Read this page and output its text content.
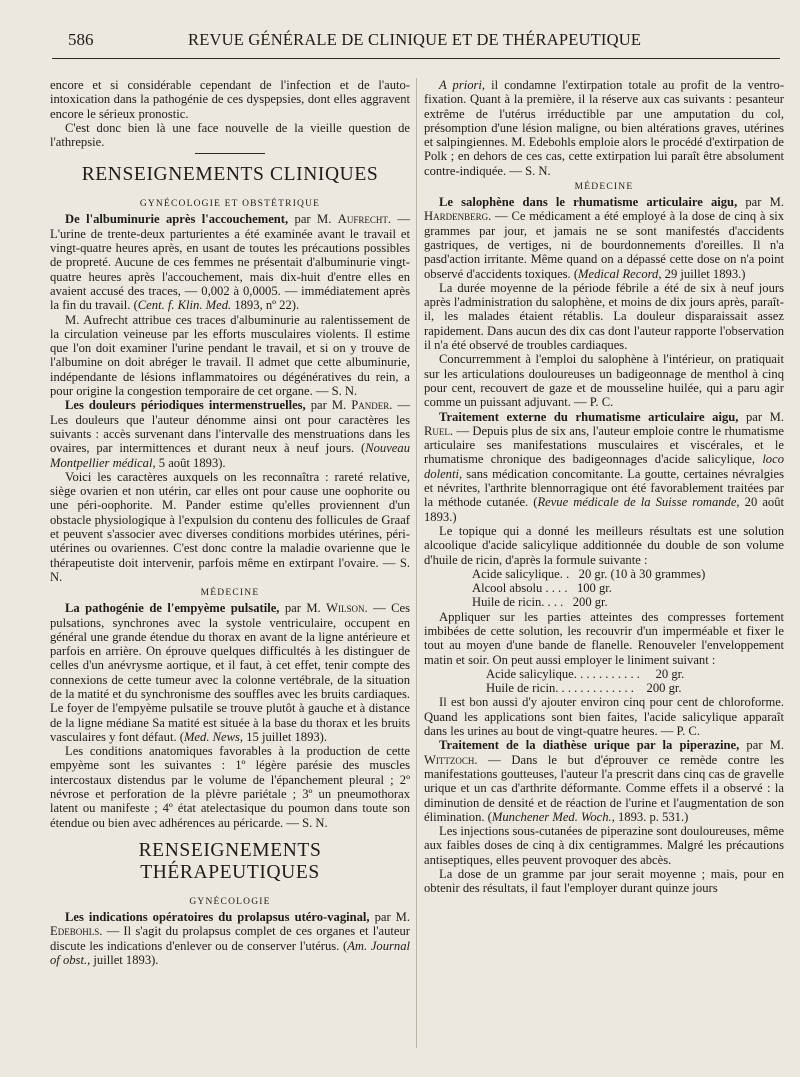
586	REVUE GÉNÉRALE DE CLINIQUE ET DE THÉRAPEUTIQUE

encore et si considérable cependant de l'infection et de l'auto-intoxication dans la pathogénie de ces dyspepsies, dont elles aggravent encore le sérieux pronostic.

C'est donc bien là une face nouvelle de la vieille question de l'athrepsie.

RENSEIGNEMENTS CLINIQUES
GYNÉCOLOGIE ET OBSTÉTRIQUE

De l'albuminurie après l'accouchement, par M. Aufrecht. — L'urine de trente-deux parturientes a été examinée avant le travail et vingt-quatre heures après, en usant de toutes les précautions possibles de propreté. Aucune de ces femmes ne présentait d'albuminurie vingt-quatre heures après l'accouchement, mais dix-huit d'entre elles en avaient accusé des traces, — 0,002 à 0,0005. — immédiatement après la fin du travail. (Cent. f. Klin. Med. 1893, nº 22).

M. Aufrecht attribue ces traces d'albuminurie au ralentissement de la circulation veineuse par les efforts musculaires violents. Il estime que l'on doit examiner l'urine pendant le travail, et si on y trouve de l'albumine on doit abréger le travail. Il admet que cette albuminurie, indépendante de lésions inflammatoires ou dégénératives du rein, a pour origine la congestion temporaire de cet organe. — S. N.

Les douleurs périodiques intermenstruelles, par M. Pander. — Les douleurs que l'auteur dénomme ainsi ont pour caractères les suivants : accès survenant dans l'intervalle des menstruations dans les ovaires, par intermittences et durant neux à neuf jours. (Nouveau Montpellier médical, 5 août 1893).

Voici les caractères auxquels on les reconnaîtra : rareté relative, siège ovarien et non utérin, car elles ont pour cause une oophorite ou une péri-oophorite. M. Pander estime qu'elles proviennent d'un obstacle physiologique à l'expulsion du contenu des follicules de Graaf et peuvent s'associer avec diverses conditions morbides utérines, péri-utérines ou ovariennes. C'est donc contre la maladie ovarienne que le thérapeutiste doit intervenir, parfois même en extirpant l'ovaire. — S. N.

MÉDECINE

La pathogénie de l'empyème pulsatile, par M. Wilson. — Ces pulsations, synchrones avec la systole ventriculaire, occupent en général une grande étendue du thorax en avant de la ligne antérieure et parfois en arrière. On éprouve quelques difficultés à les distinguer de celles d'un anévrysme aortique, et il faut, à cet effet, tenir compte des connexions de cette tumeur avec la colonne vertébrale, de la situation de la matité et du synchronisme des souffles avec les bruits cardiaques. Le foyer de l'empyème pulsatile se trouve plutôt à gauche et à distance de la ligne médiane Sa matité est située à la base du thorax et les bruits vasculaires y font défaut. (Med. News, 15 juillet 1893).

Les conditions anatomiques favorables à la production de cette empyème sont les suivantes : 1º légère parésie des muscles intercostaux distendus par le volume de l'épanchement pleural ; 2º névrose et perforation de la plèvre pariétale ; 3º un pneumothorax latent ou manifeste ; 4º état atelectasique du poumon dans toute son étendue ou bien avec adhérences au péricarde. — S. N.

RENSEIGNEMENTS THÉRAPEUTIQUES
GYNÉCOLOGIE

Les indications opératoires du prolapsus utéro-vaginal, par M. Edebohls. — Il s'agit du prolapsus complet de ces organes et l'auteur discute les indications d'enlever ou de conserver l'utérus. (Am. Journal of obst., juillet 1893).

A priori, il condamne l'extirpation totale au profit de la ventro-fixation. Quant à la première, il la réserve aux cas suivants : pesanteur extrême de l'utérus irréductible par une amputation du col, présomption d'une lésion maligne, ou bien altérations graves, utérines et salpingiennes. M. Edebohls emploie alors le procédé d'extirpation de Polk ; en dehors de ces cas, cette extirpation lui paraît être absolument contre-indiquée. — S. N.

MÉDECINE

Le salophène dans le rhumatisme articulaire aigu, par M. Hardenberg. — Ce médicament a été employé à la dose de cinq à six grammes par jour, et jamais ne se sont manifestés d'accidents gastriques, de vertiges, ni de bourdonnements d'oreilles. Il n'a pasd'action irritante. Même quand on a dépassé cette dose on n'a point observé d'accidents toxiques. (Medical Record, 29 juillet 1893.)

La durée moyenne de la période fébrile a été de six à neuf jours après l'administration du salophène, et moins de dix jours après, paraît-il, les malades étaient rétablis. La douleur disparaissait assez rapidement. Dans aucun des dix cas dont l'auteur rapporte l'observation il n'a été observé de troubles cardiaques.

Concurremment à l'emploi du salophène à l'intérieur, on pratiquait sur les articulations douloureuses un badigeonnage de menthol à cinq pour cent, recouvert de gaze et de mousseline huilée, qui a paru agir comme un puissant adjuvant. — P. C.

Traitement externe du rhumatisme articulaire aigu, par M. Ruel. — Depuis plus de six ans, l'auteur emploie contre le rhumatisme articulaire ses manifestations musculaires et viscérales, et le rhumatisme chronique des badigeonnages d'acide salicylique, loco dolenti, sans médication concomitante. La goutte, certaines névralgies et névrites, l'arthrite blennorragique ont été favorablement traitées par la méthode cutanée. (Revue médicale de la Suisse romande, 20 août 1893.)

Le topique qui a donné les meilleurs résultats est une solution alcoolique d'acide salicylique additionnée du double de son volume d'huile de ricin, d'après la formule suivante :

Acide salicylique. .   20 gr. (10 à 30 grammes)
Alcool absolu . . . .   100 gr.
Huile de ricin. . . .   200 gr.

Appliquer sur les parties atteintes des compresses fortement imbibées de cette solution, les recouvrir d'un imperméable et fixer le tout au moyen d'une bande de flanelle. Renouveler l'enveloppement matin et soir. On peut aussi employer le liniment suivant :

Acide salicylique. . . . . . . . . . .     20 gr.
Huile de ricin. . . . . . . . . . . . .    200 gr.

Il est bon aussi d'y ajouter environ cinq pour cent de chloroforme. Quand les applications sont bien faites, l'acide salicylique apparaît dans les urines au bout de vingt-quatre heures. — P. C.

Traitement de la diathèse urique par la piperazine, par M. Wittzoch. — Dans le but d'éprouver ce remède contre les manifestations goutteuses, l'auteur l'a prescrit dans cinq cas de gravelle urique et un cas d'arthrite déformante. Comme effets il a observé : la diminution de densité et de réaction de l'urine et l'augmentation de son élimination. (Munchener Med. Woch., 1893. p. 531.)

Les injections sous-cutanées de piperazine sont douloureuses, même aux faibles doses de cinq à dix centigrammes. Malgré les précautions antiseptiques, elles peuvent provoquer des abcès.

La dose de un gramme par jour serait moyenne ; mais, pour en obtenir des résultats, il faut l'employer durant quinze jours
